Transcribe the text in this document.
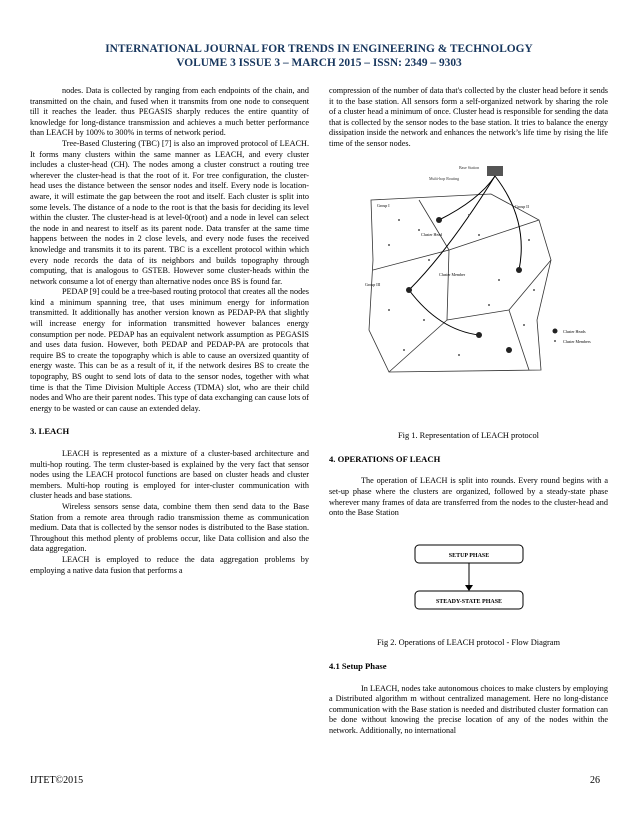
INTERNATIONAL JOURNAL FOR TRENDS IN ENGINEERING & TECHNOLOGY
VOLUME 3 ISSUE 3 – MARCH 2015 – ISSN: 2349 – 9303

nodes. Data is collected by ranging from each endpoints of the chain, and transmitted on the chain, and fused when it transmits from one node to consequent till it reaches the leader. thus PEGASIS sharply reduces the entire quantity of knowledge for long-distance transmission and achieves a much better performance than LEACH by 100% to 300% in terms of network period.

Tree-Based Clustering (TBC) [7] is also an improved protocol of LEACH. It forms many clusters within the same manner as LEACH, and every cluster includes a cluster-head (CH). The nodes among a cluster construct a routing tree wherever the cluster-head is that the root of it. For tree configuration, the cluster-head uses the distance between the sensor nodes and itself. Every node is location-aware, it will estimate the gap between the root and itself. Each cluster is split into some levels. The distance of a node to the root is that the basis for deciding its level within the cluster. The cluster-head is at level-0(root) and a node in level can select the node in and nearest to itself as its parent node. Data transfer at the same time happens between the nodes in 2 close levels, and every node fuses the received knowledge and transmits it to its parent. TBC is a excellent protocol within which every node records the data of its neighbors and builds topography through computing, that is analogous to GSTEB. However some cluster-heads within the network consume a lot of energy than alternative nodes once BS is found far.

PEDAP [9] could be a tree-based routing protocol that creates all the nodes kind a minimum spanning tree, that uses minimum energy for information transmitted. It additionally has another version known as PEDAP-PA that slightly will increase energy for information transmitted however balances energy consumption per node. PEDAP has an equivalent network assumption as PEGASIS and uses data fusion. However, both PEDAP and PEDAP-PA are protocols that require BS to create the topography which is able to cause an oversized quantity of energy waste. This can be as a result of it, if the network desires BS to create the topography, BS ought to send lots of data to the sensor nodes, together with what time is that the Time Division Multiple Access (TDMA) slot, who are their child nodes and Who are their parent nodes. This type of data exchanging can cause lots of energy to be wasted or can cause an extended delay.

3. LEACH

LEACH is represented as a mixture of a cluster-based architecture and multi-hop routing. The term cluster-based is explained by the very fact that sensor nodes using the LEACH protocol functions are based on cluster heads and cluster members. Multi-hop routing is employed for inter-cluster communication with cluster heads and base stations.

Wireless sensors sense data, combine them then send data to the Base Station from a remote area through radio transmission theme as communication medium. Data that is collected by the sensor nodes is distributed to the Base station. Throughout this method plenty of problems occur, like Data collision and also the data aggregation.

LEACH is employed to reduce the data aggregation problems by employing a native data fusion that performs a

compression of the number of data that's collected by the cluster head before it sends it to the base station. All sensors form a self-organized network by sharing the role of a cluster head a minimum of once. Cluster head is responsible for sending the data that is collected by the sensor nodes to the base station. It tries to balance the energy dissipation inside the network and enhances the network’s life time by rising the life time of the sensor nodes.

Base Station
Multi-hop Routing
Group I	Group II
Group III
Cluster Head
Cluster Member
Cluster Heads
Cluster Members

Fig 1. Representation of LEACH protocol

4. OPERATIONS OF LEACH

The operation of LEACH is split into rounds. Every round begins with a set-up phase where the clusters are organized, followed by a steady-state phase wherever many frames of data are transferred from the nodes to the cluster-head and onto the Base Station

SETUP PHASE
STEADY-STATE PHASE

Fig 2. Operations of LEACH protocol - Flow Diagram

4.1 Setup Phase

In LEACH, nodes take autonomous choices to make clusters by employing a Distributed algorithm m without centralized management. Here no long-distance communication with the Base station is needed and distributed cluster formation can be done without knowing the precise location of any of the nodes within the network. Additionally, no international

IJTET©2015	26
